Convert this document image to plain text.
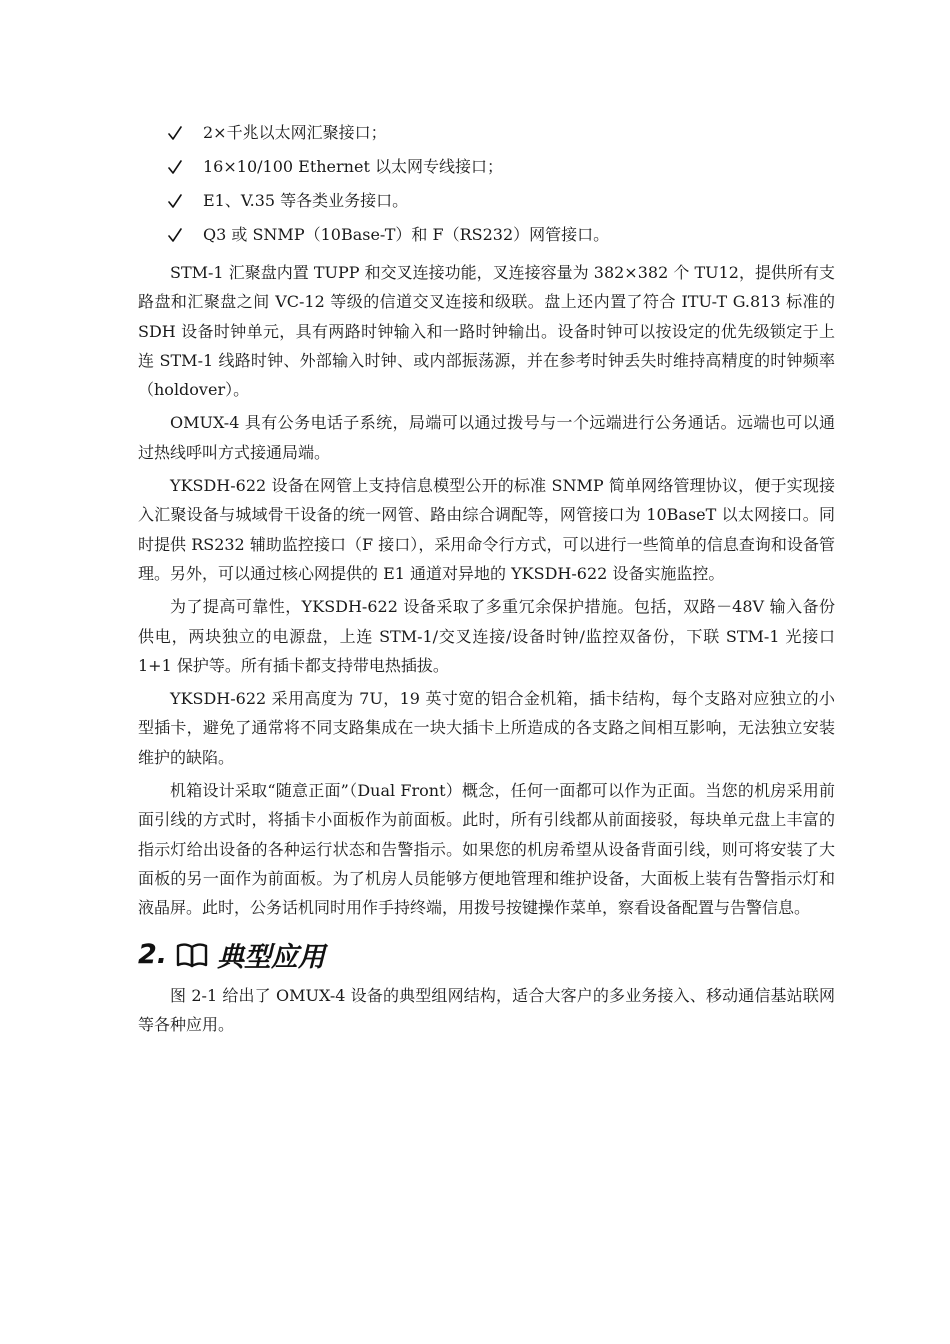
2×千兆以太网汇聚接口；
16×10/100 Ethernet 以太网专线接口；
E1、V.35 等各类业务接口。
Q3 或 SNMP（10Base-T）和 F（RS232）网管接口。

STM-1 汇聚盘内置 TUPP 和交叉连接功能，叉连接容量为 382×382 个 TU12，提供所有支路盘和汇聚盘之间 VC-12 等级的信道交叉连接和级联。盘上还内置了符合 ITU-T G.813 标准的 SDH 设备时钟单元，具有两路时钟输入和一路时钟输出。设备时钟可以按设定的优先级锁定于上连 STM-1 线路时钟、外部输入时钟、或内部振荡源，并在参考时钟丢失时维持高精度的时钟频率（holdover）。

OMUX-4 具有公务电话子系统，局端可以通过拨号与一个远端进行公务通话。远端也可以通过热线呼叫方式接通局端。

YKSDH-622 设备在网管上支持信息模型公开的标准 SNMP 简单网络管理协议，便于实现接入汇聚设备与城域骨干设备的统一网管、路由综合调配等，网管接口为 10BaseT 以太网接口。同时提供 RS232 辅助监控接口（F 接口），采用命令行方式，可以进行一些简单的信息查询和设备管理。另外，可以通过核心网提供的 E1 通道对异地的 YKSDH-622 设备实施监控。

为了提高可靠性，YKSDH-622 设备采取了多重冗余保护措施。包括，双路－48V 输入备份供电，两块独立的电源盘，上连 STM-1/交叉连接/设备时钟/监控双备份，下联 STM-1 光接口 1+1 保护等。所有插卡都支持带电热插拔。

YKSDH-622 采用高度为 7U，19 英寸宽的铝合金机箱，插卡结构，每个支路对应独立的小型插卡，避免了通常将不同支路集成在一块大插卡上所造成的各支路之间相互影响，无法独立安装维护的缺陷。

机箱设计采取“随意正面”（Dual Front）概念，任何一面都可以作为正面。当您的机房采用前面引线的方式时，将插卡小面板作为前面板。此时，所有引线都从前面接驳，每块单元盘上丰富的指示灯给出设备的各种运行状态和告警指示。如果您的机房希望从设备背面引线，则可将安装了大面板的另一面作为前面板。为了机房人员能够方便地管理和维护设备，大面板上装有告警指示灯和液晶屏。此时，公务话机同时用作手持终端，用拨号按键操作菜单，察看设备配置与告警信息。

2. 典型应用

图 2-1 给出了 OMUX-4 设备的典型组网结构，适合大客户的多业务接入、移动通信基站联网等各种应用。
